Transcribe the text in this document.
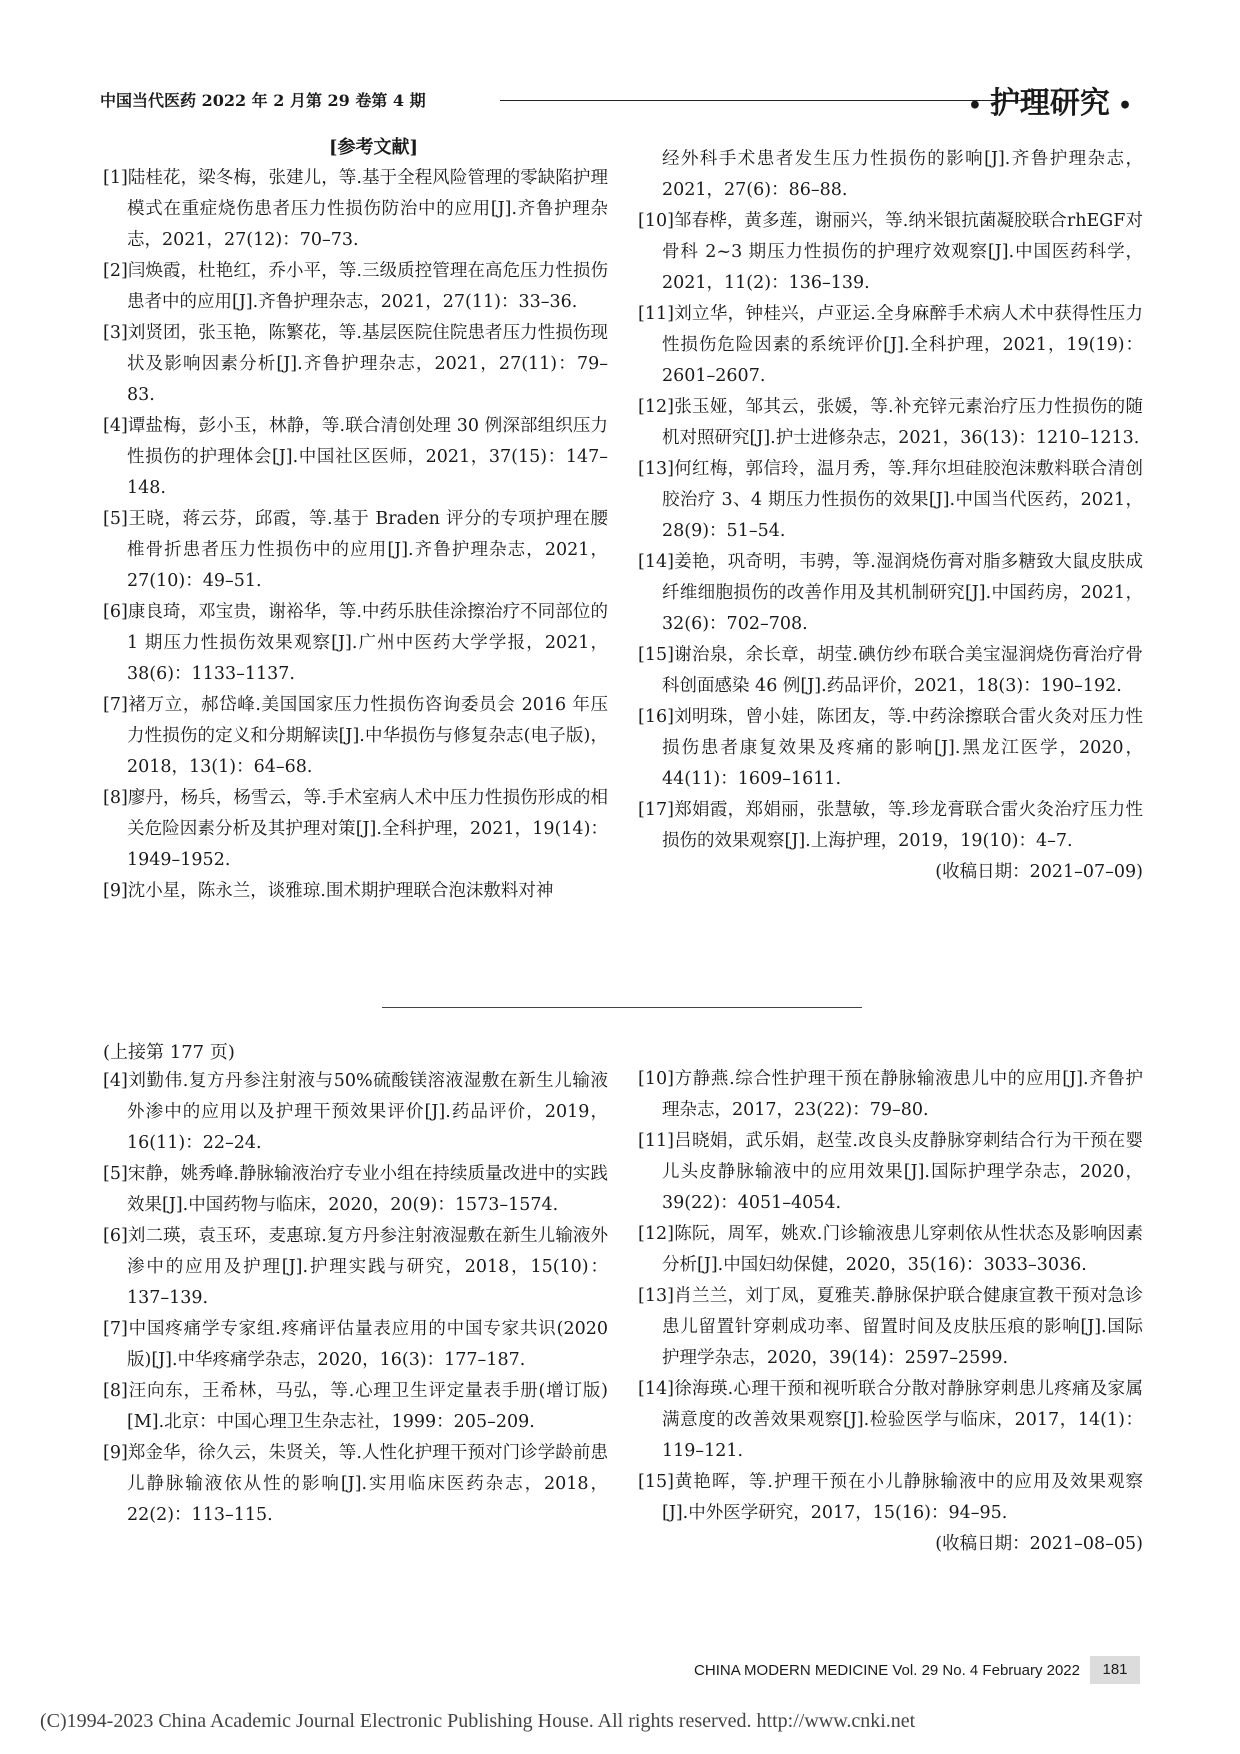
中国当代医药 2022 年 2 月第 29 卷第 4 期	• 护理研究 •
[参考文献]
[1]陆桂花，梁冬梅，张建儿，等.基于全程风险管理的零缺陷护理模式在重症烧伤患者压力性损伤防治中的应用[J].齐鲁护理杂志，2021，27(12)：70–73.
[2]闫焕霞，杜艳红，乔小平，等.三级质控管理在高危压力性损伤患者中的应用[J].齐鲁护理杂志，2021，27(11)：33–36.
[3]刘贤团，张玉艳，陈繁花，等.基层医院住院患者压力性损伤现状及影响因素分析[J].齐鲁护理杂志，2021，27(11)：79–83.
[4]谭盐梅，彭小玉，林静，等.联合清创处理 30 例深部组织压力性损伤的护理体会[J].中国社区医师，2021，37(15)：147–148.
[5]王晓，蒋云芬，邱霞，等.基于 Braden 评分的专项护理在腰椎骨折患者压力性损伤中的应用[J].齐鲁护理杂志，2021，27(10)：49–51.
[6]康良琦，邓宝贵，谢裕华，等.中药乐肤佳涂擦治疗不同部位的 1 期压力性损伤效果观察[J].广州中医药大学学报，2021，38(6)：1133–1137.
[7]褚万立，郝岱峰.美国国家压力性损伤咨询委员会 2016 年压力性损伤的定义和分期解读[J].中华损伤与修复杂志(电子版)，2018，13(1)：64–68.
[8]廖丹，杨兵，杨雪云，等.手术室病人术中压力性损伤形成的相关危险因素分析及其护理对策[J].全科护理，2021，19(14)：1949–1952.
[9]沈小星，陈永兰，谈雅琼.围术期护理联合泡沫敷料对神
经外科手术患者发生压力性损伤的影响[J].齐鲁护理杂志，2021，27(6)：86–88.
[10]邹春桦，黄多莲，谢丽兴，等.纳米银抗菌凝胶联合rhEGF对骨科 2~3 期压力性损伤的护理疗效观察[J].中国医药科学，2021，11(2)：136–139.
[11]刘立华，钟桂兴，卢亚运.全身麻醉手术病人术中获得性压力性损伤危险因素的系统评价[J].全科护理，2021，19(19)：2601–2607.
[12]张玉娅，邹其云，张媛，等.补充锌元素治疗压力性损伤的随机对照研究[J].护士进修杂志，2021，36(13)：1210–1213.
[13]何红梅，郭信玲，温月秀，等.拜尔坦硅胶泡沫敷料联合清创胶治疗 3、4 期压力性损伤的效果[J].中国当代医药，2021，28(9)：51–54.
[14]姜艳，巩奇明，韦骋，等.湿润烧伤膏对脂多糖致大鼠皮肤成纤维细胞损伤的改善作用及其机制研究[J].中国药房，2021，32(6)：702–708.
[15]谢治泉，余长章，胡莹.碘仿纱布联合美宝湿润烧伤膏治疗骨科创面感染 46 例[J].药品评价，2021，18(3)：190–192.
[16]刘明珠，曾小娃，陈团友，等.中药涂擦联合雷火灸对压力性损伤患者康复效果及疼痛的影响[J].黑龙江医学，2020，44(11)：1609–1611.
[17]郑娟霞，郑娟丽，张慧敏，等.珍龙膏联合雷火灸治疗压力性损伤的效果观察[J].上海护理，2019，19(10)：4–7.
(收稿日期：2021–07–09)
(上接第 177 页)
[4]刘勤伟.复方丹参注射液与50%硫酸镁溶液湿敷在新生儿输液外渗中的应用以及护理干预效果评价[J].药品评价，2019，16(11)：22–24.
[5]宋静，姚秀峰.静脉输液治疗专业小组在持续质量改进中的实践效果[J].中国药物与临床，2020，20(9)：1573–1574.
[6]刘二瑛，袁玉环，麦惠琼.复方丹参注射液湿敷在新生儿输液外渗中的应用及护理[J].护理实践与研究，2018，15(10)：137–139.
[7]中国疼痛学专家组.疼痛评估量表应用的中国专家共识(2020 版)[J].中华疼痛学杂志，2020，16(3)：177–187.
[8]汪向东，王希林，马弘，等.心理卫生评定量表手册(增订版)[M].北京：中国心理卫生杂志社，1999：205–209.
[9]郑金华，徐久云，朱贤关，等.人性化护理干预对门诊学龄前患儿静脉输液依从性的影响[J].实用临床医药杂志，2018，22(2)：113–115.
[10]方静燕.综合性护理干预在静脉输液患儿中的应用[J].齐鲁护理杂志，2017，23(22)：79–80.
[11]吕晓娟，武乐娟，赵莹.改良头皮静脉穿刺结合行为干预在婴儿头皮静脉输液中的应用效果[J].国际护理学杂志，2020，39(22)：4051–4054.
[12]陈阮，周军，姚欢.门诊输液患儿穿刺依从性状态及影响因素分析[J].中国妇幼保健，2020，35(16)：3033–3036.
[13]肖兰兰，刘丁凤，夏雅芙.静脉保护联合健康宣教干预对急诊患儿留置针穿刺成功率、留置时间及皮肤压痕的影响[J].国际护理学杂志，2020，39(14)：2597–2599.
[14]徐海瑛.心理干预和视听联合分散对静脉穿刺患儿疼痛及家属满意度的改善效果观察[J].检验医学与临床，2017，14(1)：119–121.
[15]黄艳晖，等.护理干预在小儿静脉输液中的应用及效果观察[J].中外医学研究，2017，15(16)：94–95.
(收稿日期：2021–08–05)
CHINA MODERN MEDICINE Vol. 29 No. 4 February 2022	181
(C)1994-2023 China Academic Journal Electronic Publishing House. All rights reserved. http://www.cnki.net
